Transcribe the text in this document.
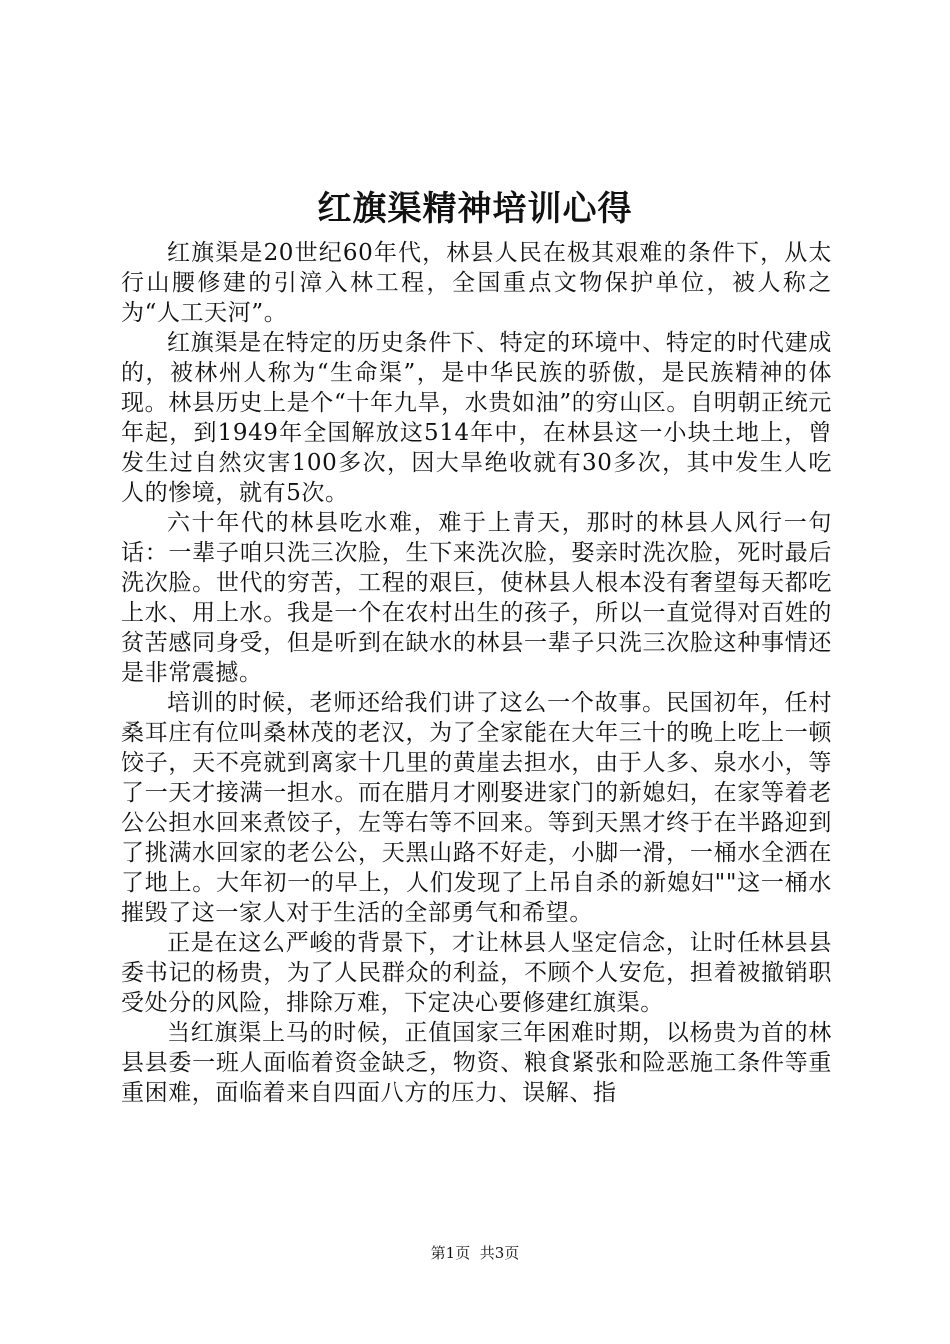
红旗渠精神培训心得

红旗渠是20世纪60年代，林县人民在极其艰难的条件下，从太行山腰修建的引漳入林工程，全国重点文物保护单位，被人称之为“人工天河”。

红旗渠是在特定的历史条件下、特定的环境中、特定的时代建成的，被林州人称为“生命渠”，是中华民族的骄傲，是民族精神的体现。林县历史上是个“十年九旱，水贵如油”的穷山区。自明朝正统元年起，到1949年全国解放这514年中，在林县这一小块土地上，曾发生过自然灾害100多次，因大旱绝收就有30多次，其中发生人吃人的惨境，就有5次。

六十年代的林县吃水难，难于上青天，那时的林县人风行一句话：一辈子咱只洗三次脸，生下来洗次脸，娶亲时洗次脸，死时最后洗次脸。世代的穷苦，工程的艰巨，使林县人根本没有奢望每天都吃上水、用上水。我是一个在农村出生的孩子，所以一直觉得对百姓的贫苦感同身受，但是听到在缺水的林县一辈子只洗三次脸这种事情还是非常震撼。

培训的时候，老师还给我们讲了这么一个故事。民国初年，任村桑耳庄有位叫桑林茂的老汉，为了全家能在大年三十的晚上吃上一顿饺子，天不亮就到离家十几里的黄崖去担水，由于人多、泉水小，等了一天才接满一担水。而在腊月才刚娶进家门的新媳妇，在家等着老公公担水回来煮饺子，左等右等不回来。等到天黑才终于在半路迎到了挑满水回家的老公公，天黑山路不好走，小脚一滑，一桶水全洒在了地上。大年初一的早上，人们发现了上吊自杀的新媳妇""这一桶水摧毁了这一家人对于生活的全部勇气和希望。

正是在这么严峻的背景下，才让林县人坚定信念，让时任林县县委书记的杨贵，为了人民群众的利益，不顾个人安危，担着被撤销职受处分的风险，排除万难，下定决心要修建红旗渠。

当红旗渠上马的时候，正值国家三年困难时期，以杨贵为首的林县县委一班人面临着资金缺乏，物资、粮食紧张和险恶施工条件等重重困难，面临着来自四面八方的压力、误解、指

第1页 共3页
